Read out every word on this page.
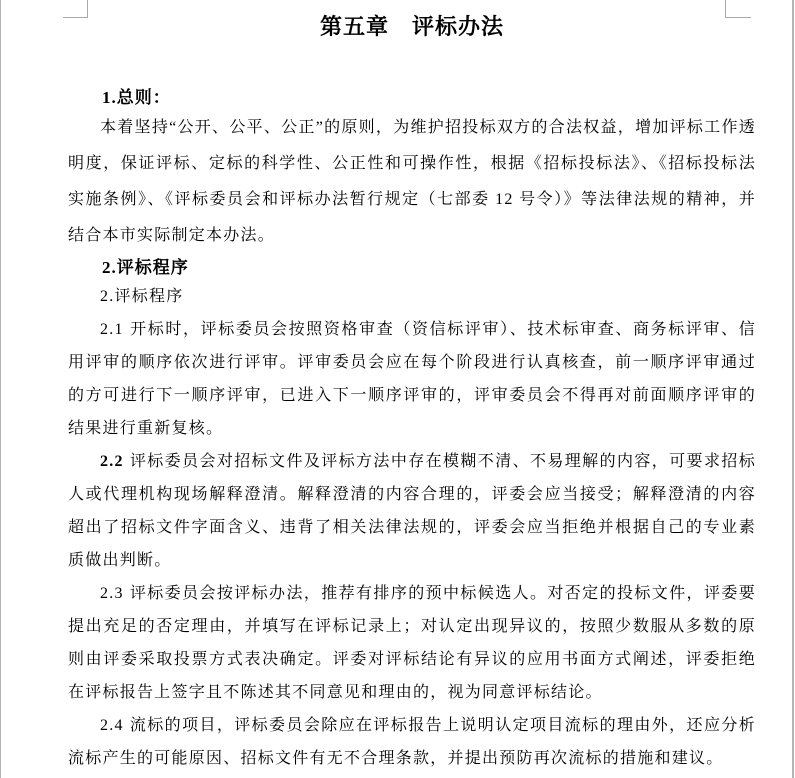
第五章　评标办法
1.总则：

本着坚持“公开、公平、公正”的原则，为维护招投标双方的合法权益，增加评标工作透明度，保证评标、定标的科学性、公正性和可操作性，根据《招标投标法》、《招标投标法实施条例》、《评标委员会和评标办法暂行规定（七部委 12 号令）》等法律法规的精神，并结合本市实际制定本办法。

2.评标程序

2.评标程序

2.1 开标时，评标委员会按照资格审查（资信标评审）、技术标审查、商务标评审、信用评审的顺序依次进行评审。评审委员会应在每个阶段进行认真核查，前一顺序评审通过的方可进行下一顺序评审，已进入下一顺序评审的，评审委员会不得再对前面顺序评审的结果进行重新复核。

2.2 评标委员会对招标文件及评标方法中存在模糊不清、不易理解的内容，可要求招标人或代理机构现场解释澄清。解释澄清的内容合理的，评委会应当接受；解释澄清的内容超出了招标文件字面含义、违背了相关法律法规的，评委会应当拒绝并根据自己的专业素质做出判断。

2.3 评标委员会按评标办法，推荐有排序的预中标候选人。对否定的投标文件，评委要提出充足的否定理由，并填写在评标记录上；对认定出现异议的，按照少数服从多数的原则由评委采取投票方式表决确定。评委对评标结论有异议的应用书面方式阐述，评委拒绝在评标报告上签字且不陈述其不同意见和理由的，视为同意评标结论。

2.4 流标的项目，评标委员会除应在评标报告上说明认定项目流标的理由外，还应分析流标产生的可能原因、招标文件有无不合理条款，并提出预防再次流标的措施和建议。
